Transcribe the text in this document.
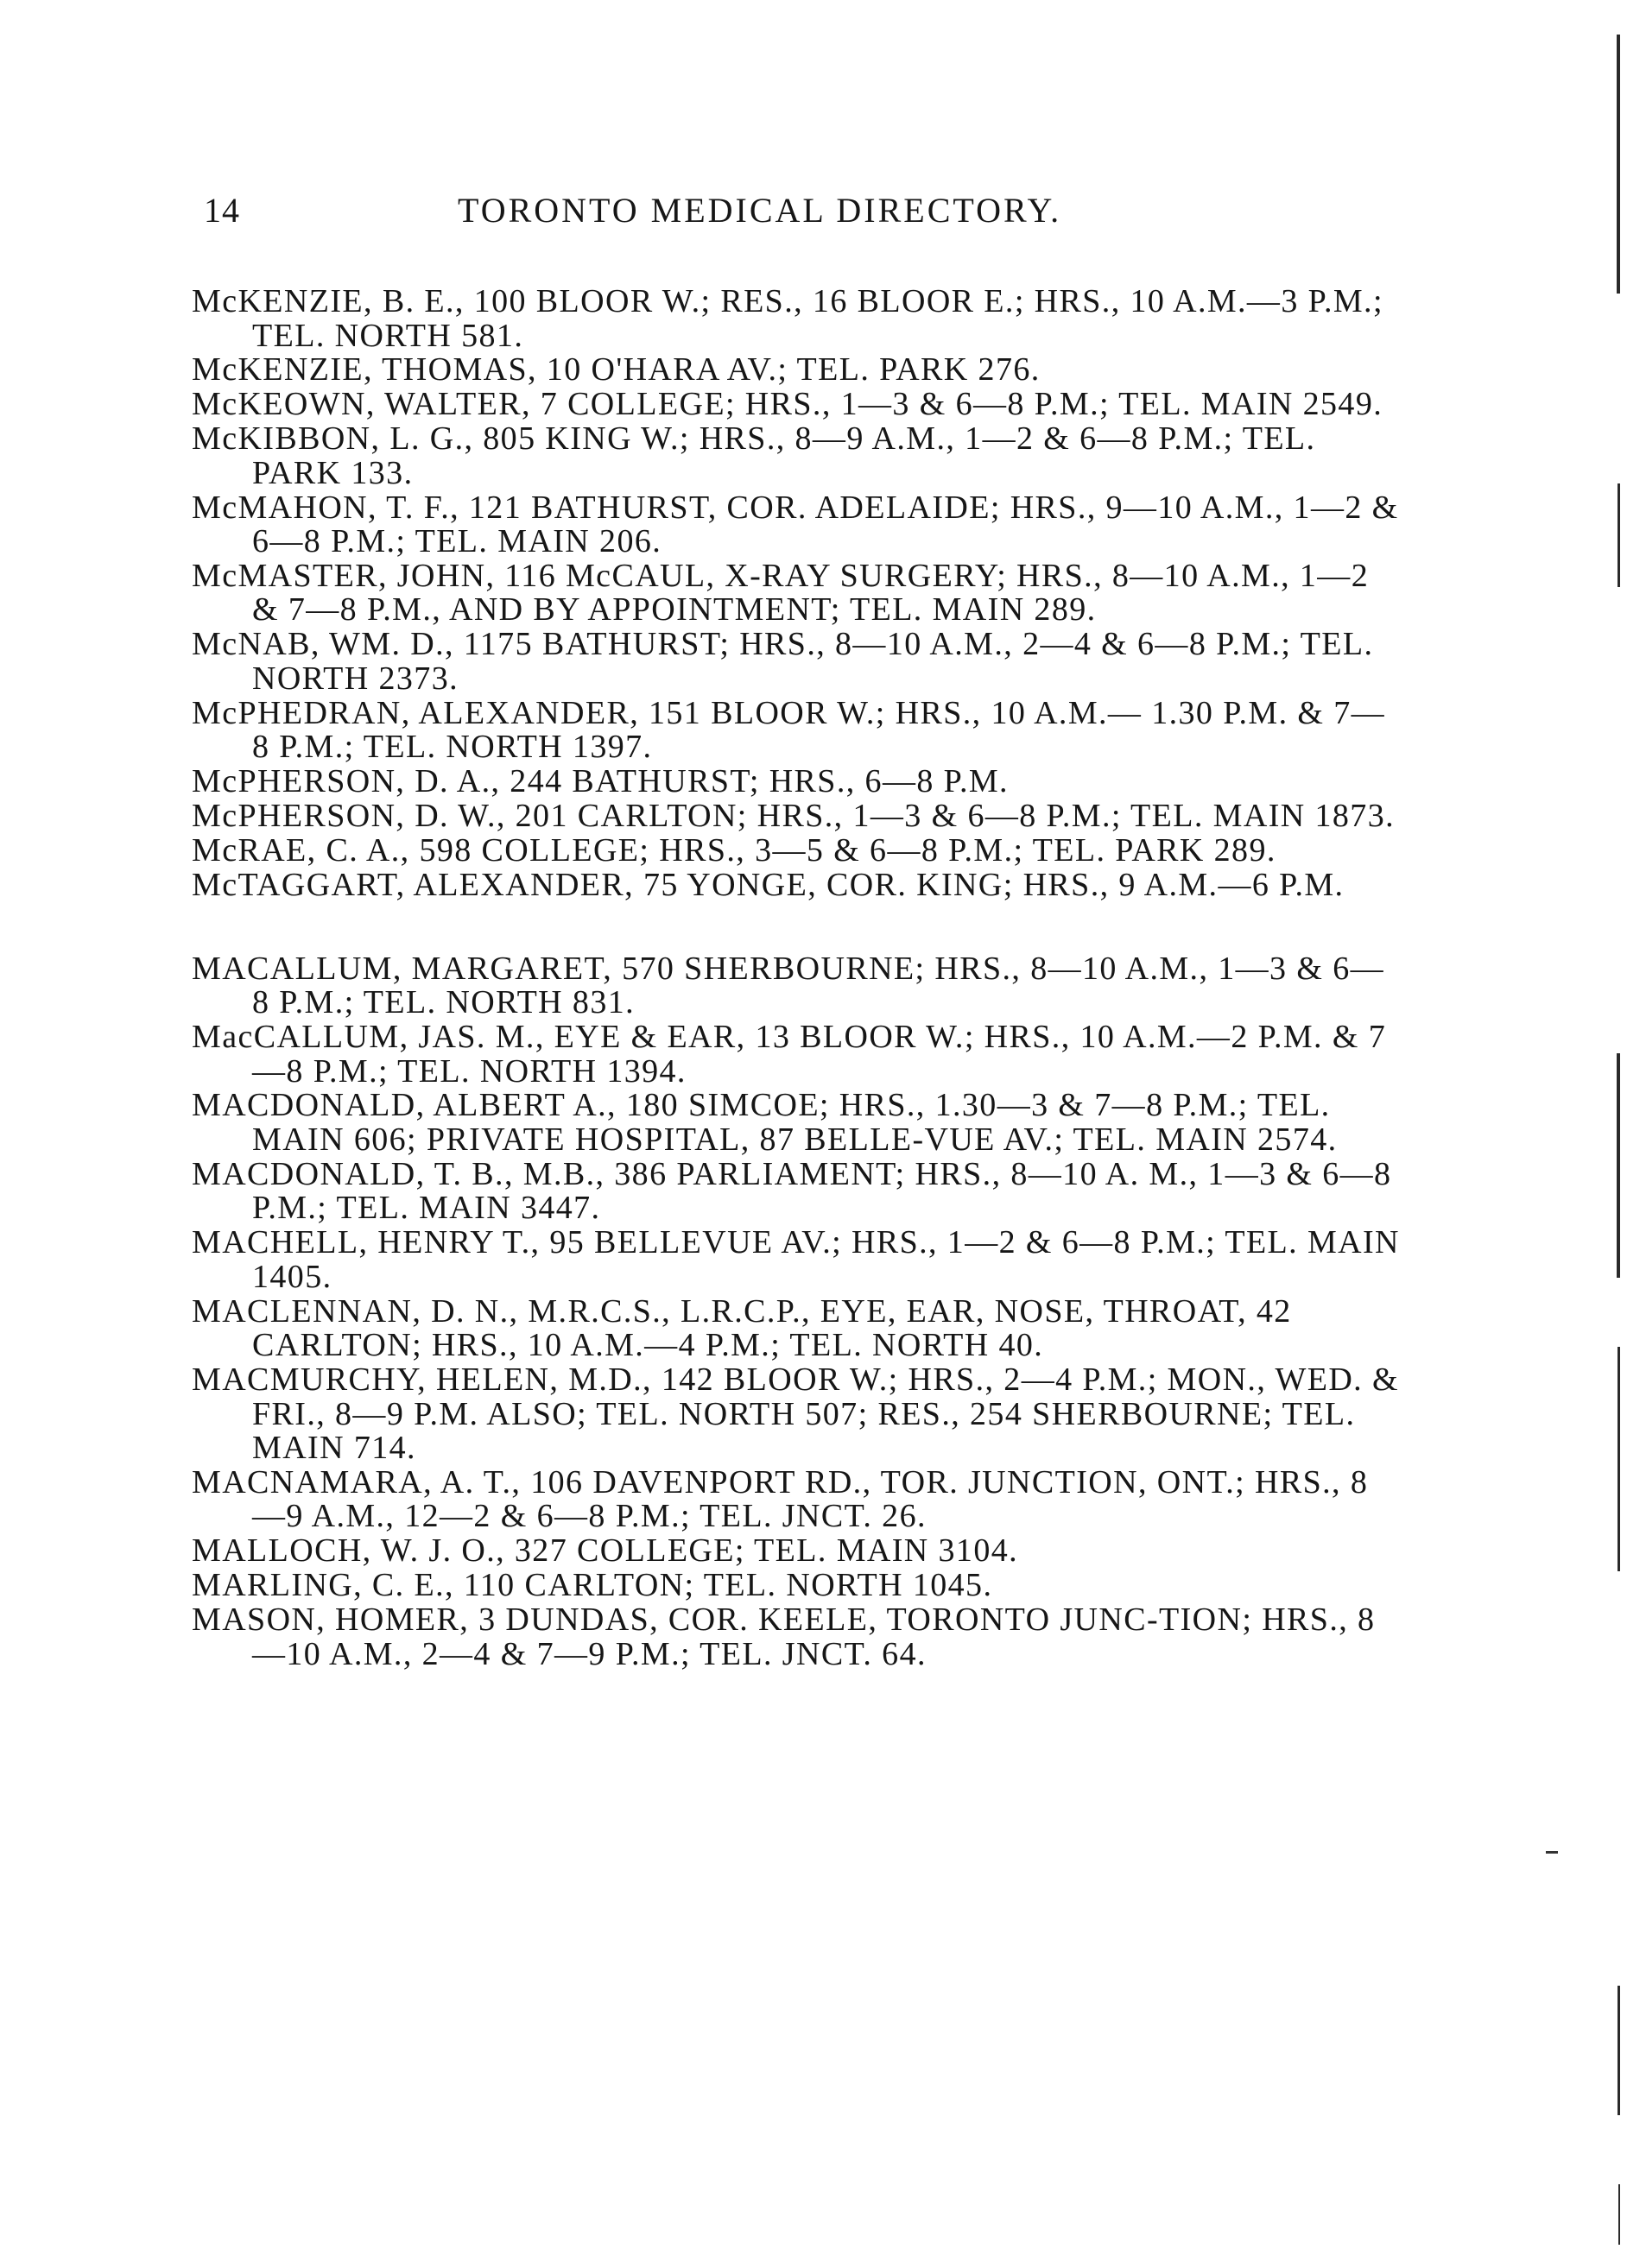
14	TORONTO MEDICAL DIRECTORY.

McKENZIE, B. E., 100 BLOOR W.; RES., 16 BLOOR E.; HRS., 10 A.M.—3 P.M.; TEL. NORTH 581.

McKENZIE, THOMAS, 10 O'HARA AV.; TEL. PARK 276.

McKEOWN, WALTER, 7 COLLEGE; HRS., 1—3 & 6—8 P.M.; TEL. MAIN 2549.

McKIBBON, L. G., 805 KING W.; HRS., 8—9 A.M., 1—2 & 6—8 P.M.; TEL. PARK 133.

McMAHON, T. F., 121 BATHURST, COR. ADELAIDE; HRS., 9—10 A.M., 1—2 & 6—8 P.M.; TEL. MAIN 206.

McMASTER, JOHN, 116 McCAUL, X-RAY SURGERY; HRS., 8—10 A.M., 1—2 & 7—8 P.M., AND BY APPOINTMENT; TEL. MAIN 289.

McNAB, WM. D., 1175 BATHURST; HRS., 8—10 A.M., 2—4 & 6—8 P.M.; TEL. NORTH 2373.

McPHEDRAN, ALEXANDER, 151 BLOOR W.; HRS., 10 A.M.— 1.30 P.M. & 7—8 P.M.; TEL. NORTH 1397.

McPHERSON, D. A., 244 BATHURST; HRS., 6—8 P.M.

McPHERSON, D. W., 201 CARLTON; HRS., 1—3 & 6—8 P.M.; TEL. MAIN 1873.

McRAE, C. A., 598 COLLEGE; HRS., 3—5 & 6—8 P.M.; TEL. PARK 289.

McTAGGART, ALEXANDER, 75 YONGE, COR. KING; HRS., 9 A.M.—6 P.M.

MACALLUM, MARGARET, 570 SHERBOURNE; HRS., 8—10 A.M., 1—3 & 6—8 P.M.; TEL. NORTH 831.

MacCALLUM, JAS. M., EYE & EAR, 13 BLOOR W.; HRS., 10 A.M.—2 P.M. & 7—8 P.M.; TEL. NORTH 1394.

MACDONALD, ALBERT A., 180 SIMCOE; HRS., 1.30—3 & 7—8 P.M.; TEL. MAIN 606; PRIVATE HOSPITAL, 87 BELLE-VUE AV.; TEL. MAIN 2574.

MACDONALD, T. B., M.B., 386 PARLIAMENT; HRS., 8—10 A. M., 1—3 & 6—8 P.M.; TEL. MAIN 3447.

MACHELL, HENRY T., 95 BELLEVUE AV.; HRS., 1—2 & 6—8 P.M.; TEL. MAIN 1405.

MACLENNAN, D. N., M.R.C.S., L.R.C.P., EYE, EAR, NOSE, THROAT, 42 CARLTON; HRS., 10 A.M.—4 P.M.; TEL. NORTH 40.

MACMURCHY, HELEN, M.D., 142 BLOOR W.; HRS., 2—4 P.M.; MON., WED. & FRI., 8—9 P.M. ALSO; TEL. NORTH 507; RES., 254 SHERBOURNE; TEL. MAIN 714.

MACNAMARA, A. T., 106 DAVENPORT RD., TOR. JUNCTION, ONT.; HRS., 8—9 A.M., 12—2 & 6—8 P.M.; TEL. JNCT. 26.

MALLOCH, W. J. O., 327 COLLEGE; TEL. MAIN 3104.

MARLING, C. E., 110 CARLTON; TEL. NORTH 1045.

MASON, HOMER, 3 DUNDAS, COR. KEELE, TORONTO JUNC-TION; HRS., 8—10 A.M., 2—4 & 7—9 P.M.; TEL. JNCT. 64.
